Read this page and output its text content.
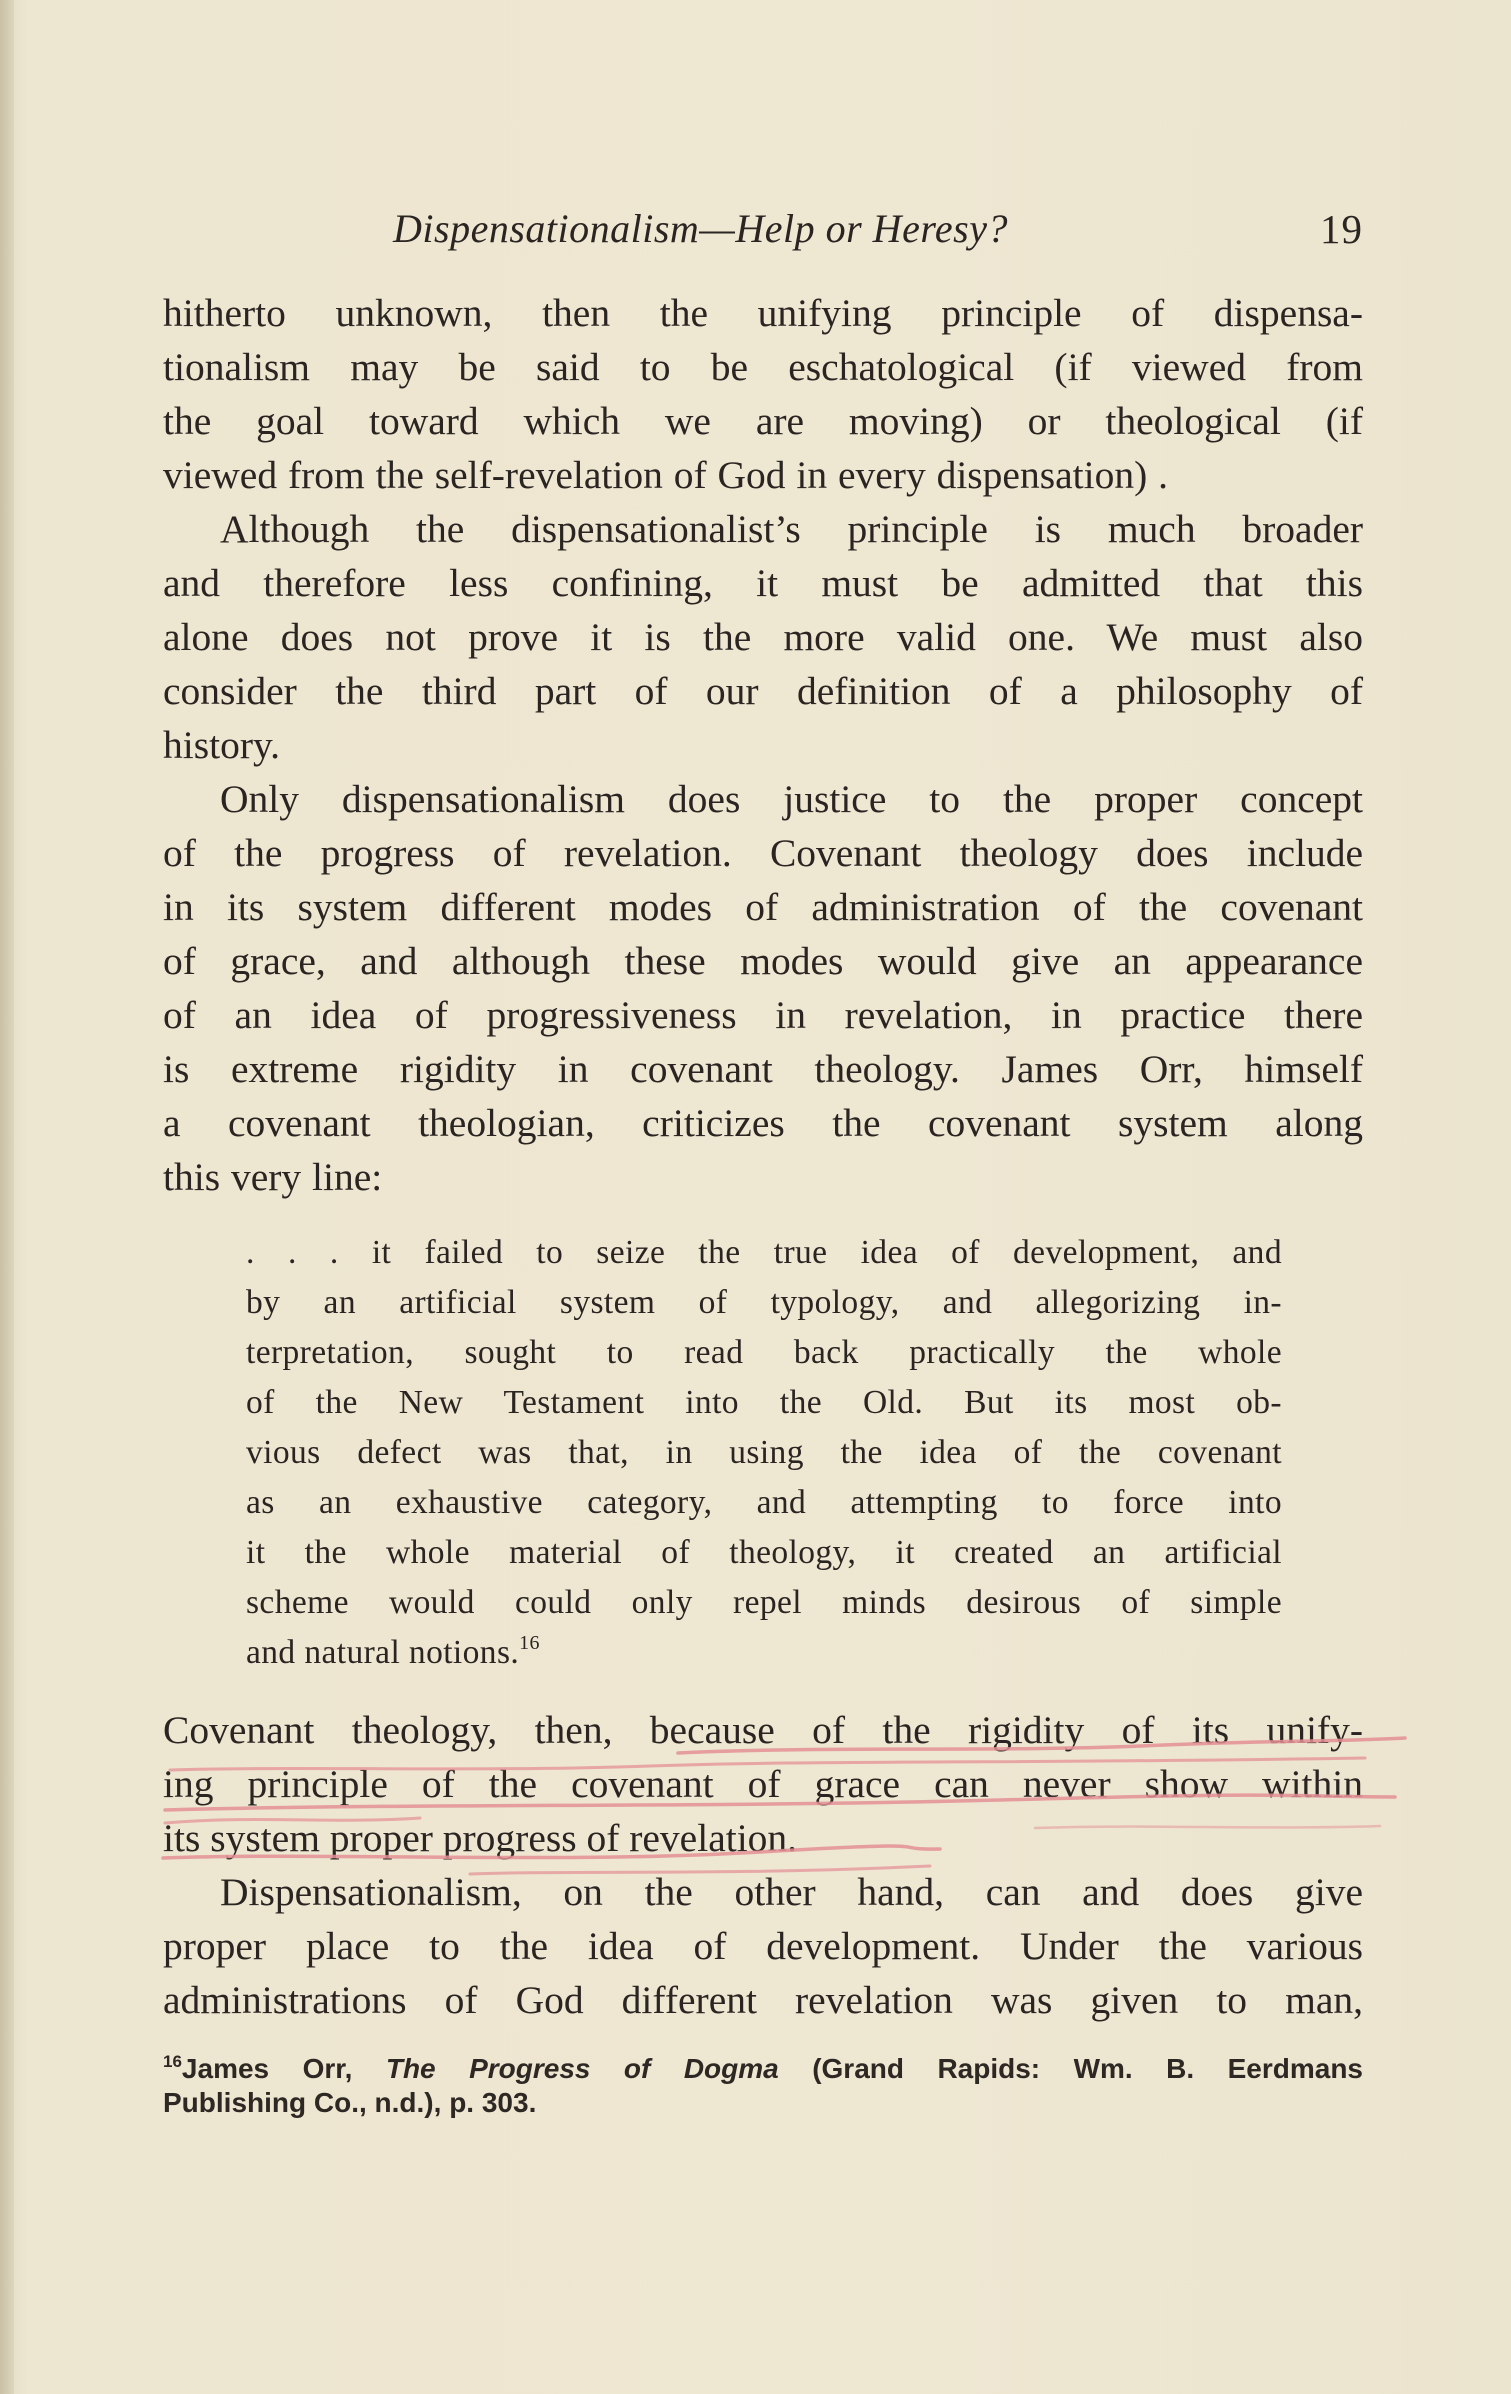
Dispensationalism—Help or Heresy?	19

hitherto unknown, then the unifying principle of dispensa-

tionalism may be said to be eschatological (if viewed from

the goal toward which we are moving) or theological (if

viewed from the self-revelation of God in every dispensation) .

Although the dispensationalist’s principle is much broader

and therefore less confining, it must be admitted that this

alone does not prove it is the more valid one. We must also

consider the third part of our definition of a philosophy of

history.

Only dispensationalism does justice to the proper concept

of the progress of revelation. Covenant theology does include

in its system different modes of administration of the covenant

of grace, and although these modes would give an appearance

of an idea of progressiveness in revelation, in practice there

is extreme rigidity in covenant theology. James Orr, himself

a covenant theologian, criticizes the covenant system along

this very line:

. . . it failed to seize the true idea of development, and

by an artificial system of typology, and allegorizing in-

terpretation, sought to read back practically the whole

of the New Testament into the Old. But its most ob-

vious defect was that, in using the idea of the covenant

as an exhaustive category, and attempting to force into

it the whole material of theology, it created an artificial

scheme would could only repel minds desirous of simple

and natural notions.$^{16}$

Covenant theology, then, because of the rigidity of its unify-

ing principle of the covenant of grace can never show within

its system proper progress of revelation.

Dispensationalism, on the other hand, can and does give

proper place to the idea of development. Under the various

administrations of God different revelation was given to man,

$^{16}$James Orr, The Progress of Dogma (Grand Rapids: Wm. B. Eerdmans
Publishing Co., n.d.), p. 303.
